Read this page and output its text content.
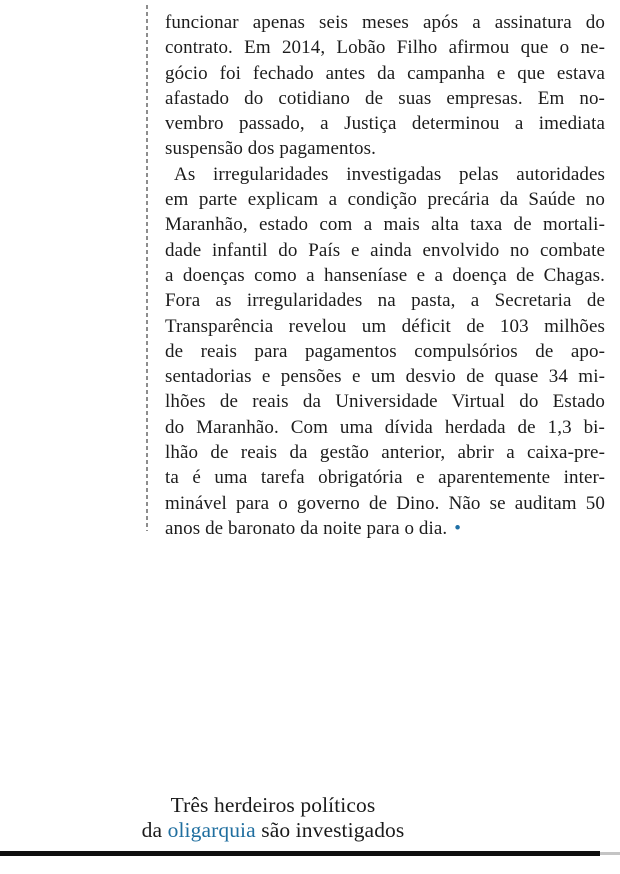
funcionar apenas seis meses após a assinatura do
contrato. Em 2014, Lobão Filho afirmou que o ne-
gócio foi fechado antes da campanha e que estava
afastado do cotidiano de suas empresas. Em no-
vembro passado, a Justiça determinou a imediata
suspensão dos pagamentos.
As irregularidades investigadas pelas autoridades
em parte explicam a condição precária da Saúde no
Maranhão, estado com a mais alta taxa de mortali-
dade infantil do País e ainda envolvido no combate
a doenças como a hanseníase e a doença de Chagas.
Fora as irregularidades na pasta, a Secretaria de
Transparência revelou um déficit de 103 milhões
de reais para pagamentos compulsórios de apo-
sentadorias e pensões e um desvio de quase 34 mi-
lhões de reais da Universidade Virtual do Estado
do Maranhão. Com uma dívida herdada de 1,3 bi-
lhão de reais da gestão anterior, abrir a caixa-pre-
ta é uma tarefa obrigatória e aparentemente inter-
minável para o governo de Dino. Não se auditam 50
anos de baronato da noite para o dia. •
Três herdeiros políticos
da oligarquia são investigados
